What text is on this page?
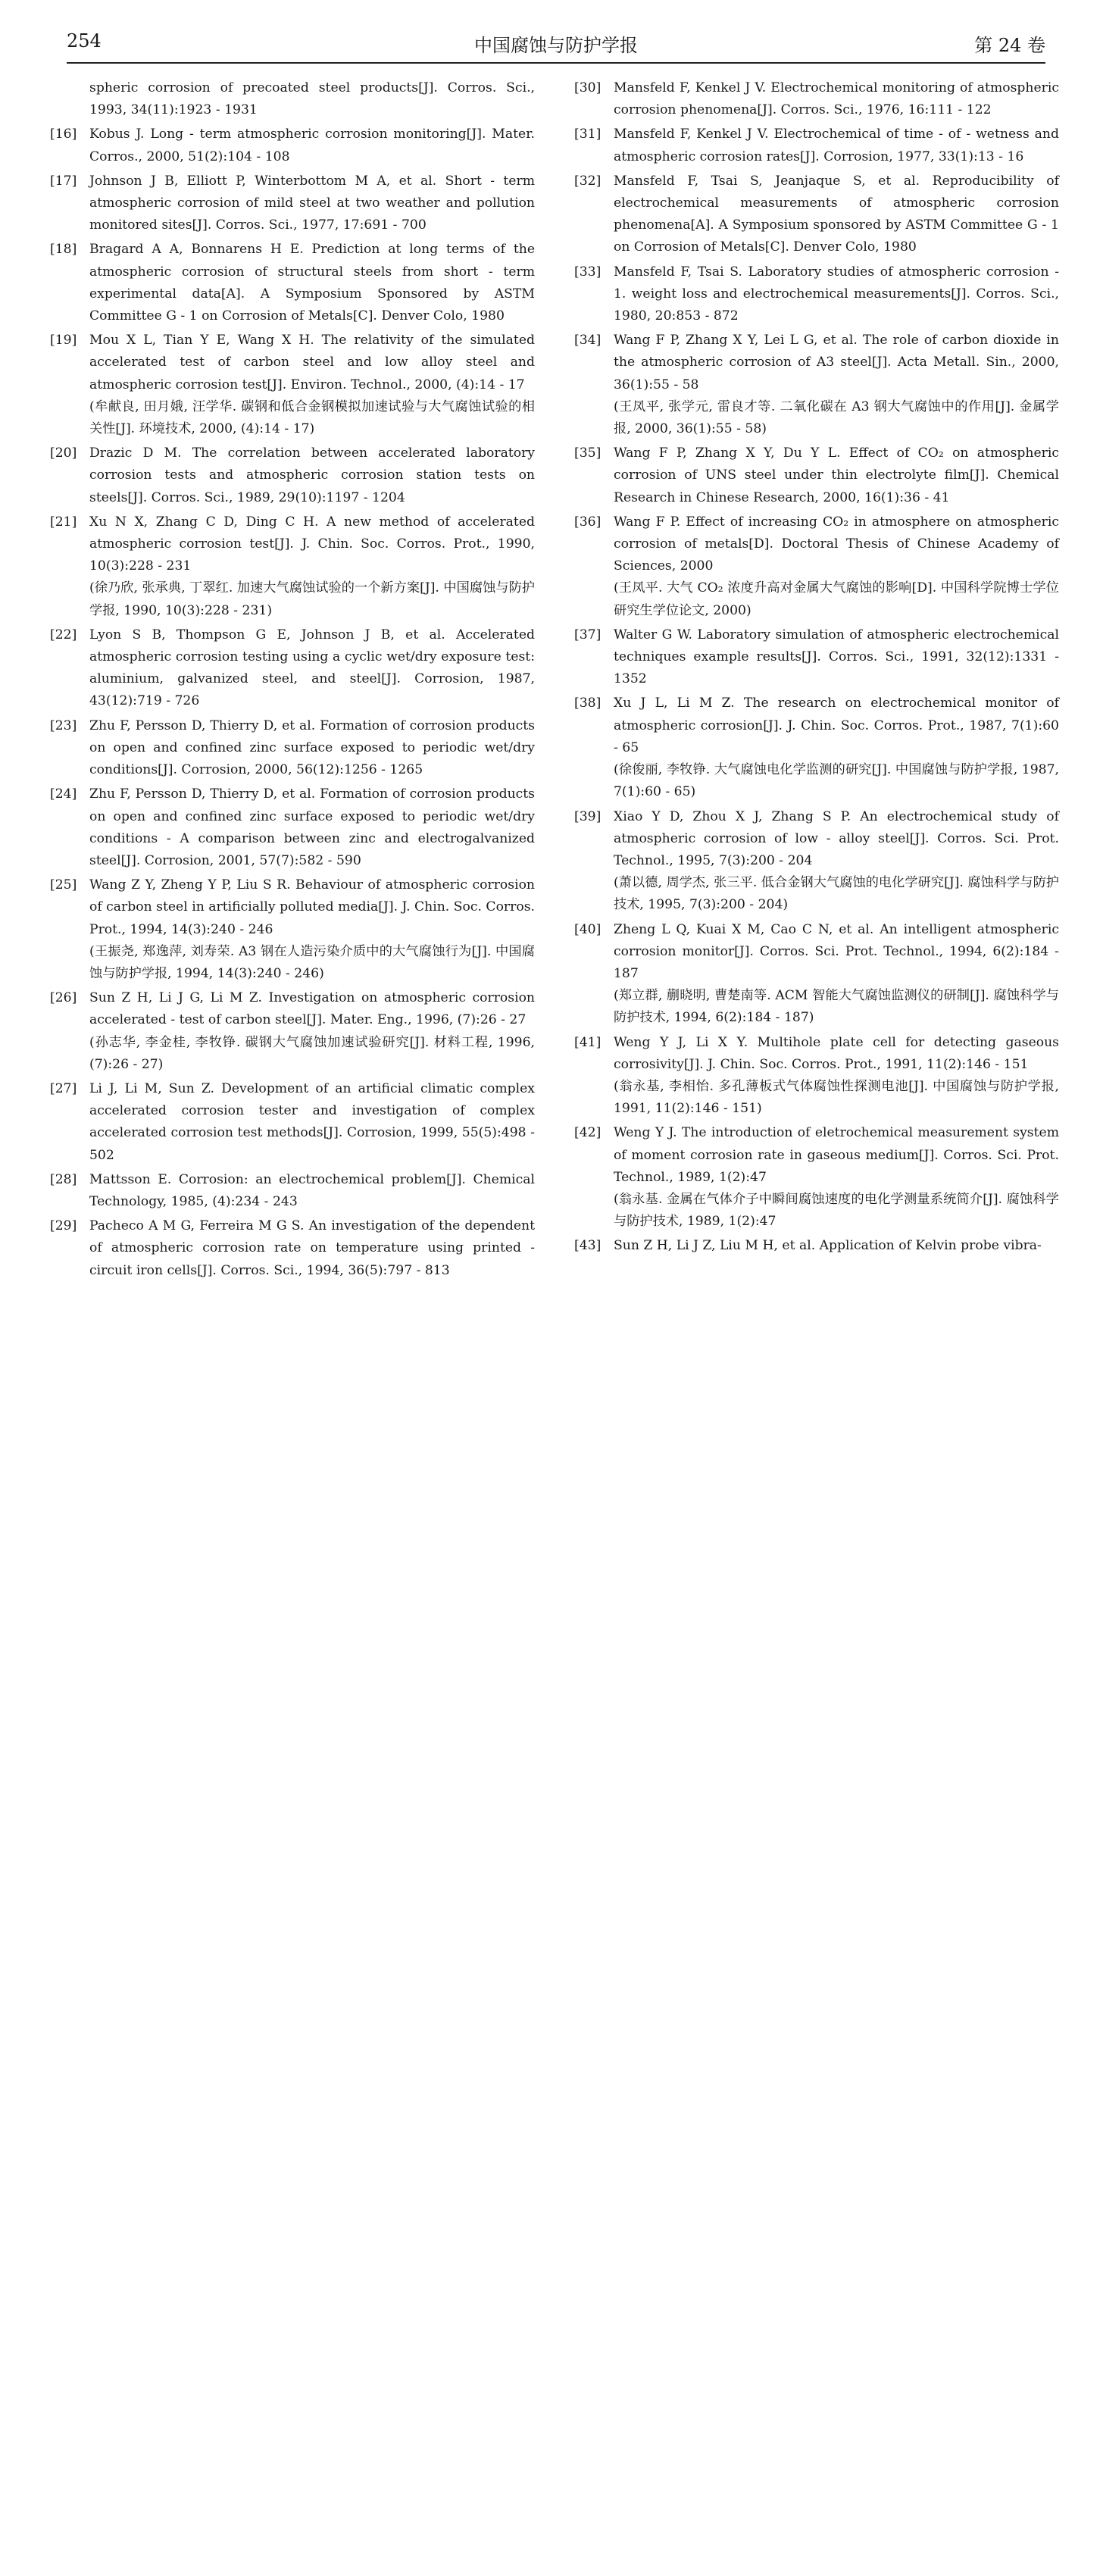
254	中国腐蚀与防护学报	第 24 卷
spheric corrosion of precoated steel products[J]. Corros. Sci., 1993, 34(11):1923 - 1931
[16] Kobus J. Long - term atmospheric corrosion monitoring[J]. Mater. Corros., 2000, 51(2):104 - 108
[17] Johnson J B, Elliott P, Winterbottom M A, et al. Short - term atmospheric corrosion of mild steel at two weather and pollution monitored sites[J]. Corros. Sci., 1977, 17:691 - 700
[18] Bragard A A, Bonnarens H E. Prediction at long terms of the atmospheric corrosion of structural steels from short - term experimental data[A]. A Symposium Sponsored by ASTM Committee G - 1 on Corrosion of Metals[C]. Denver Colo, 1980
[19] Mou X L, Tian Y E, Wang X H. The relativity of the simulated accelerated test of carbon steel and low alloy steel and atmospheric corrosion test[J]. Environ. Technol., 2000, (4):14 - 17
(牟献良, 田月娥, 汪学华. 碳钢和低合金钢模拟加速试验与大气腐蚀试验的相关性[J]. 环境技术, 2000, (4):14 - 17)
[20] Drazic D M. The correlation between accelerated laboratory corrosion tests and atmospheric corrosion station tests on steels[J]. Corros. Sci., 1989, 29(10):1197 - 1204
[21] Xu N X, Zhang C D, Ding C H. A new method of accelerated atmospheric corrosion test[J]. J. Chin. Soc. Corros. Prot., 1990, 10(3):228 - 231
(徐乃欣, 张承典, 丁翠红. 加速大气腐蚀试验的一个新方案[J]. 中国腐蚀与防护学报, 1990, 10(3):228 - 231)
[22] Lyon S B, Thompson G E, Johnson J B, et al. Accelerated atmospheric corrosion testing using a cyclic wet/dry exposure test: aluminium, galvanized steel, and steel[J]. Corrosion, 1987, 43(12):719 - 726
[23] Zhu F, Persson D, Thierry D, et al. Formation of corrosion products on open and confined zinc surface exposed to periodic wet/dry conditions[J]. Corrosion, 2000, 56(12):1256 - 1265
[24] Zhu F, Persson D, Thierry D, et al. Formation of corrosion products on open and confined zinc surface exposed to periodic wet/dry conditions - A comparison between zinc and electrogalvanized steel[J]. Corrosion, 2001, 57(7):582 - 590
[25] Wang Z Y, Zheng Y P, Liu S R. Behaviour of atmospheric corrosion of carbon steel in artificially polluted media[J]. J. Chin. Soc. Corros. Prot., 1994, 14(3):240 - 246
(王振尧, 郑逸萍, 刘寿荣. A3 钢在人造污染介质中的大气腐蚀行为[J]. 中国腐蚀与防护学报, 1994, 14(3):240 - 246)
[26] Sun Z H, Li J G, Li M Z. Investigation on atmospheric corrosion accelerated - test of carbon steel[J]. Mater. Eng., 1996, (7):26 - 27
(孙志华, 李金桂, 李牧铮. 碳钢大气腐蚀加速试验研究[J]. 材料工程, 1996, (7):26 - 27)
[27] Li J, Li M, Sun Z. Development of an artificial climatic complex accelerated corrosion tester and investigation of complex accelerated corrosion test methods[J]. Corrosion, 1999, 55(5):498 - 502
[28] Mattsson E. Corrosion: an electrochemical problem[J]. Chemical Technology, 1985, (4):234 - 243
[29] Pacheco A M G, Ferreira M G S. An investigation of the dependent of atmospheric corrosion rate on temperature using printed - circuit iron cells[J]. Corros. Sci., 1994, 36(5):797 - 813
[30] Mansfeld F, Kenkel J V. Electrochemical monitoring of atmospheric corrosion phenomena[J]. Corros. Sci., 1976, 16:111 - 122
[31] Mansfeld F, Kenkel J V. Electrochemical of time - of - wetness and atmospheric corrosion rates[J]. Corrosion, 1977, 33(1):13 - 16
[32] Mansfeld F, Tsai S, Jeanjaque S, et al. Reproducibility of electrochemical measurements of atmospheric corrosion phenomena[A]. A Symposium sponsored by ASTM Committee G - 1 on Corrosion of Metals[C]. Denver Colo, 1980
[33] Mansfeld F, Tsai S. Laboratory studies of atmospheric corrosion - 1. weight loss and electrochemical measurements[J]. Corros. Sci., 1980, 20:853 - 872
[34] Wang F P, Zhang X Y, Lei L G, et al. The role of carbon dioxide in the atmospheric corrosion of A3 steel[J]. Acta Metall. Sin., 2000, 36(1):55 - 58
(王凤平, 张学元, 雷良才等. 二氧化碳在 A3 钢大气腐蚀中的作用[J]. 金属学报, 2000, 36(1):55 - 58)
[35] Wang F P, Zhang X Y, Du Y L. Effect of CO₂ on atmospheric corrosion of UNS steel under thin electrolyte film[J]. Chemical Research in Chinese Research, 2000, 16(1):36 - 41
[36] Wang F P. Effect of increasing CO₂ in atmosphere on atmospheric corrosion of metals[D]. Doctoral Thesis of Chinese Academy of Sciences, 2000
(王凤平. 大气 CO₂ 浓度升高对金属大气腐蚀的影响[D]. 中国科学院博士学位研究生学位论文, 2000)
[37] Walter G W. Laboratory simulation of atmospheric electrochemical techniques example results[J]. Corros. Sci., 1991, 32(12):1331 - 1352
[38] Xu J L, Li M Z. The research on electrochemical monitor of atmospheric corrosion[J]. J. Chin. Soc. Corros. Prot., 1987, 7(1):60 - 65
(徐俊丽, 李牧铮. 大气腐蚀电化学监测的研究[J]. 中国腐蚀与防护学报, 1987, 7(1):60 - 65)
[39] Xiao Y D, Zhou X J, Zhang S P. An electrochemical study of atmospheric corrosion of low - alloy steel[J]. Corros. Sci. Prot. Technol., 1995, 7(3):200 - 204
(萧以德, 周学杰, 张三平. 低合金钢大气腐蚀的电化学研究[J]. 腐蚀科学与防护技术, 1995, 7(3):200 - 204)
[40] Zheng L Q, Kuai X M, Cao C N, et al. An intelligent atmospheric corrosion monitor[J]. Corros. Sci. Prot. Technol., 1994, 6(2):184 - 187
(郑立群, 蒯晓明, 曹楚南等. ACM 智能大气腐蚀监测仪的研制[J]. 腐蚀科学与防护技术, 1994, 6(2):184 - 187)
[41] Weng Y J, Li X Y. Multihole plate cell for detecting gaseous corrosivity[J]. J. Chin. Soc. Corros. Prot., 1991, 11(2):146 - 151
(翁永基, 李相怡. 多孔薄板式气体腐蚀性探测电池[J]. 中国腐蚀与防护学报, 1991, 11(2):146 - 151)
[42] Weng Y J. The introduction of eletrochemical measurement system of moment corrosion rate in gaseous medium[J]. Corros. Sci. Prot. Technol., 1989, 1(2):47
(翁永基. 金属在气体介子中瞬间腐蚀速度的电化学测量系统简介[J]. 腐蚀科学与防护技术, 1989, 1(2):47
[43] Sun Z H, Li J Z, Liu M H, et al. Application of Kelvin probe vibra-
